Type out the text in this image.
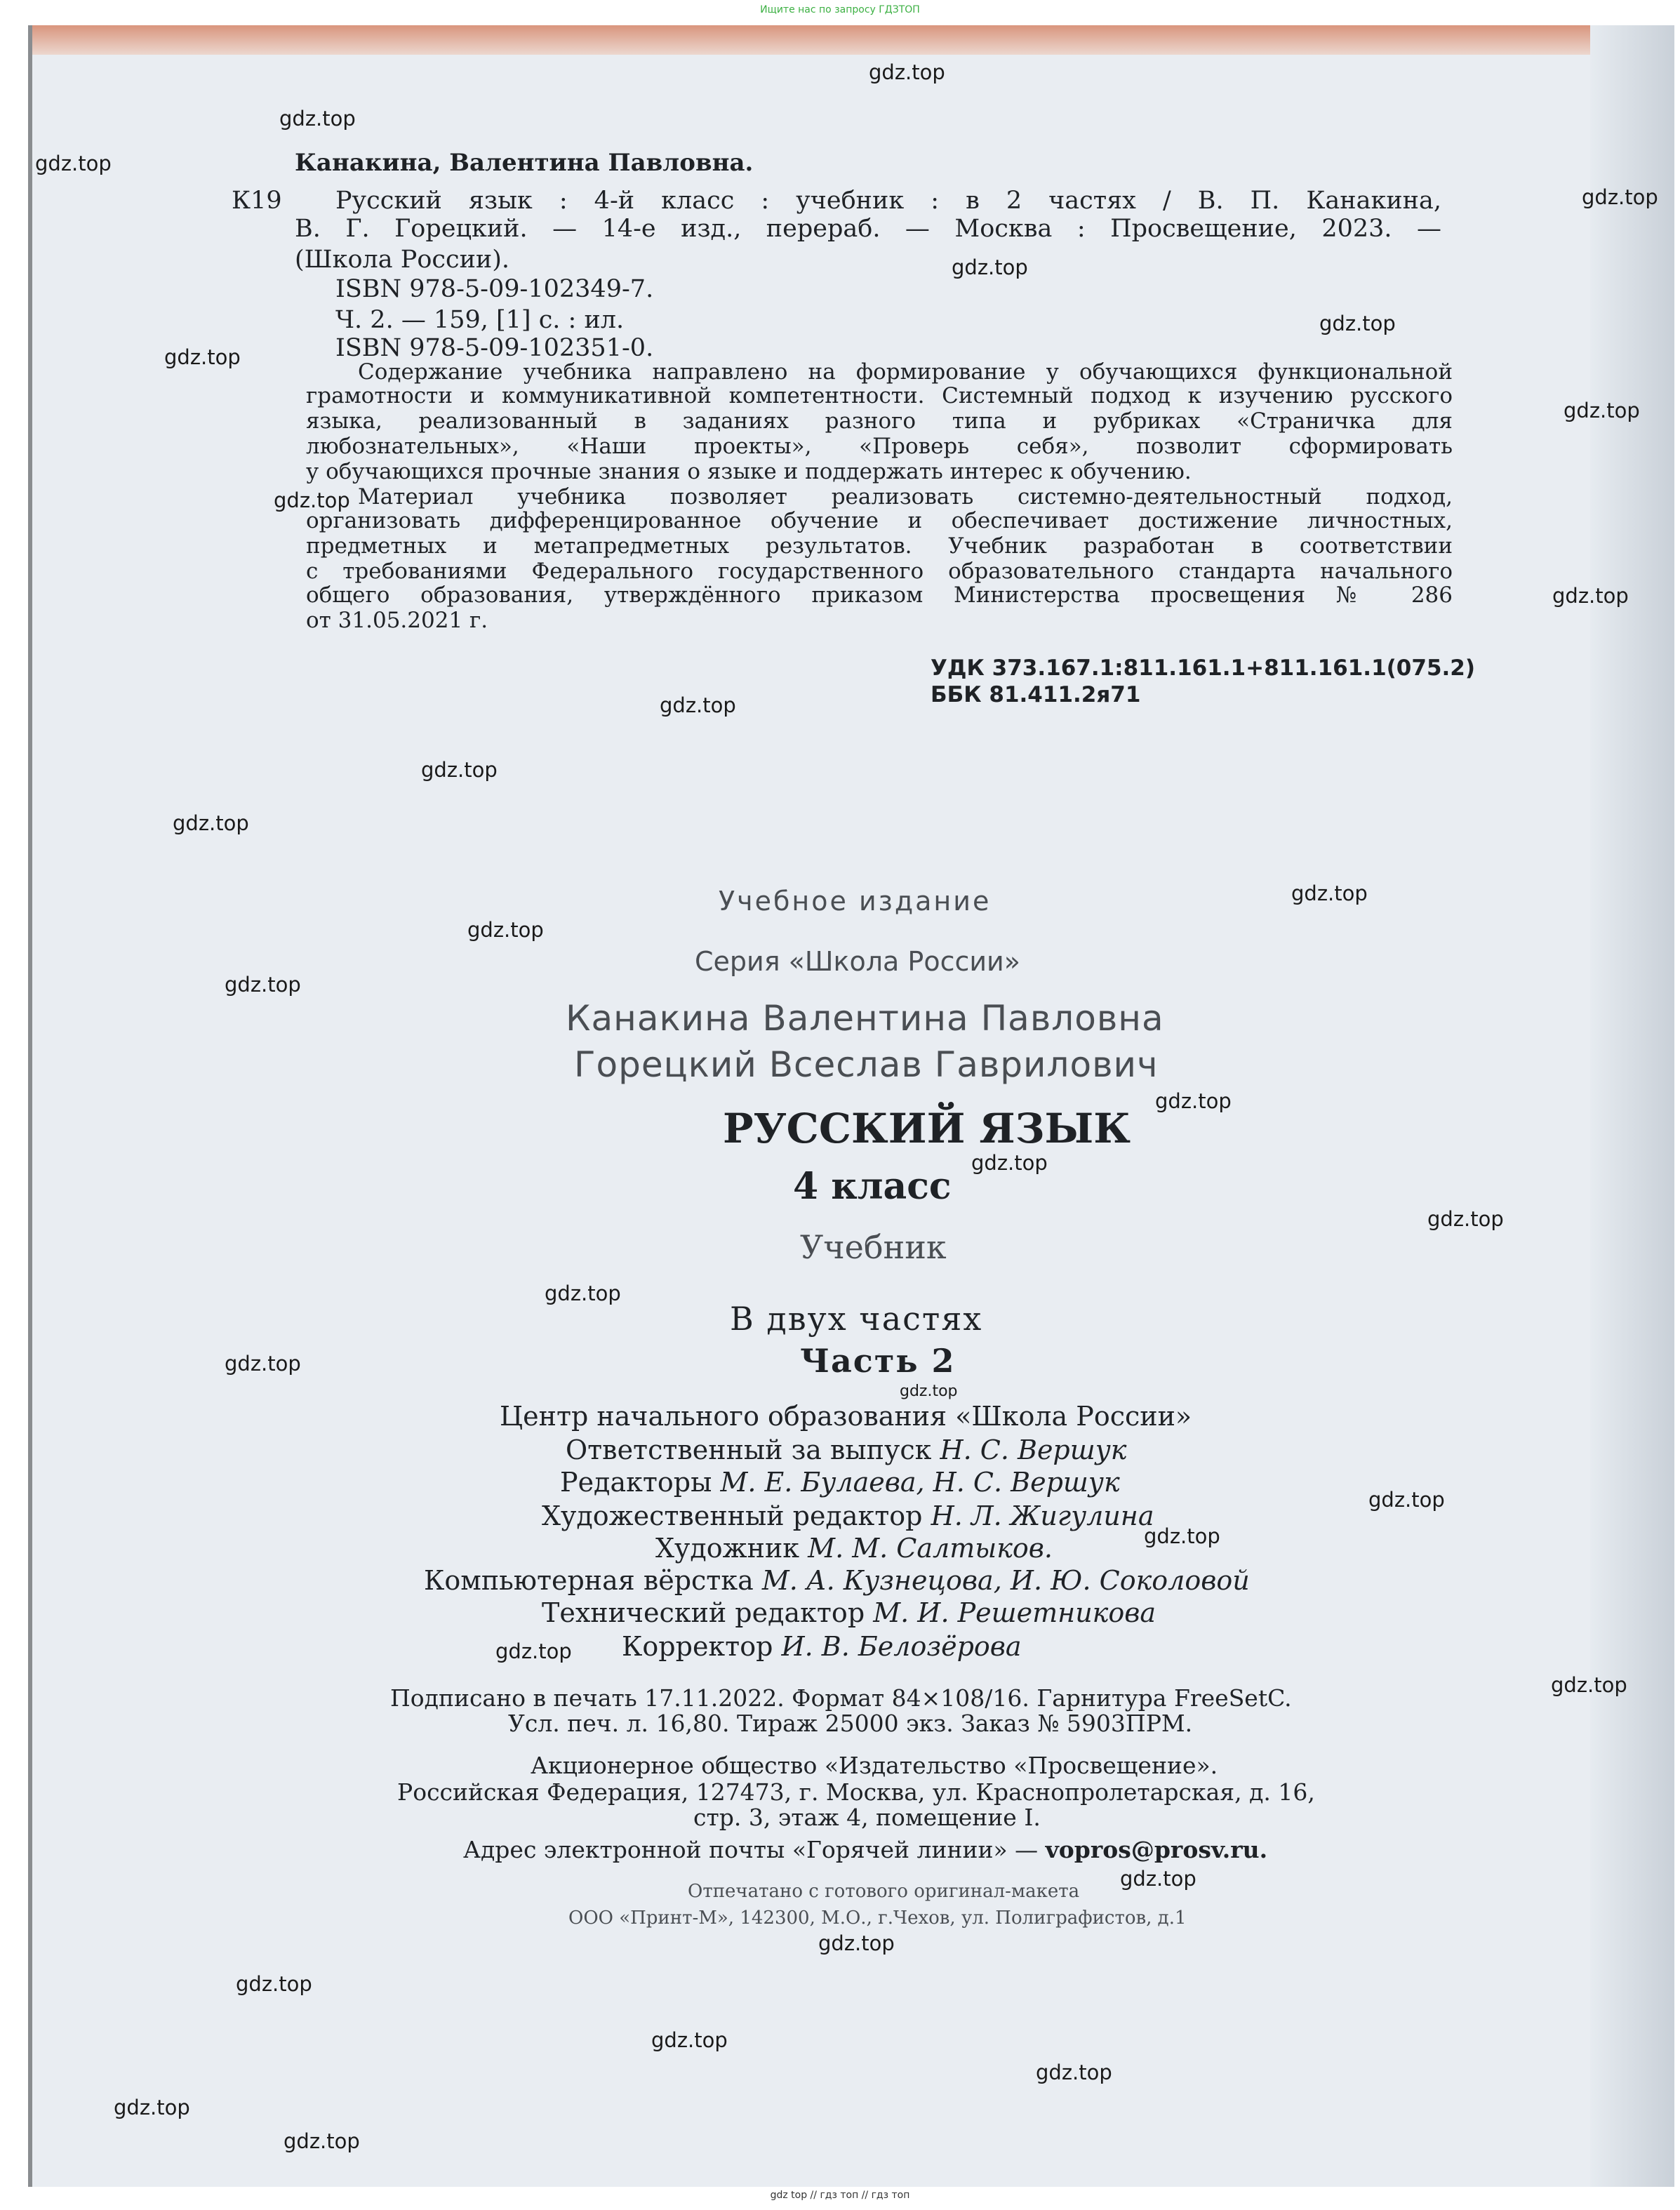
Ищите нас по запросу ГДЗТОП
Канакина, Валентина Павловна.
К19 Русский язык : 4-й класс : учебник : в 2 частях / В. П. Канакина,
В. Г. Горецкий. — 14-е изд., перераб. — Москва : Просвещение, 2023. —
(Школа России).
ISBN 978-5-09-102349-7.
Ч. 2. — 159, [1] с. : ил.
ISBN 978-5-09-102351-0.
Содержание учебника направлено на формирование у обучающихся функциональной
грамотности и коммуникативной компетентности. Системный подход к изучению русского
языка, реализованный в заданиях разного типа и рубриках «Страничка для
любознательных», «Наши проекты», «Проверь себя», позволит сформировать
у обучающихся прочные знания о языке и поддержать интерес к обучению.
Материал учебника позволяет реализовать системно-деятельностный подход,
организовать дифференцированное обучение и обеспечивает достижение личностных,
предметных и метапредметных результатов. Учебник разработан в соответствии
с требованиями Федерального государственного образовательного стандарта начального
общего образования, утверждённого приказом Министерства просвещения № 286
от 31.05.2021 г.
УДК 373.167.1:811.161.1+811.161.1(075.2)
ББК 81.411.2я71
Учебное издание
Серия «Школа России»
Канакина Валентина Павловна
Горецкий Всеслав Гаврилович
РУССКИЙ ЯЗЫК
4 класс
Учебник
В двух частях
Часть 2
Центр начального образования «Школа России»
Ответственный за выпуск Н. С. Вершук
Редакторы М. Е. Булаева, Н. С. Вершук
Художественный редактор Н. Л. Жигулина
Художник М. М. Салтыков.
Компьютерная вёрстка М. А. Кузнецова, И. Ю. Соколовой
Технический редактор М. И. Решетникова
Корректор И. В. Белозёрова
Подписано в печать 17.11.2022. Формат 84×108/16. Гарнитура FreeSetC.
Усл. печ. л. 16,80. Тираж 25000 экз. Заказ № 5903ПРМ.
Акционерное общество «Издательство «Просвещение».
Российская Федерация, 127473, г. Москва, ул. Краснопролетарская, д. 16,
стр. 3, этаж 4, помещение I.
Адрес электронной почты «Горячей линии» — vopros@prosv.ru.
Отпечатано с готового оригинал-макета
ООО «Принт-М», 142300, М.О., г.Чехов, ул. Полиграфистов, д.1
gdz.top
gdz.top
gdz.top
gdz.top
gdz.top
gdz.top
gdz.top
gdz.top
gdz.top
gdz.top
gdz.top
gdz.top
gdz.top
gdz.top
gdz.top
gdz.top
gdz.top
gdz.top
gdz.top
gdz.top
gdz.top
gdz.top
gdz.top
gdz.top
gdz.top
gdz.top
gdz.top
gdz.top
gdz.top
gdz.top
gdz.top
gdz.top
gdz.top
gdz top // гдз топ // гдз топ
